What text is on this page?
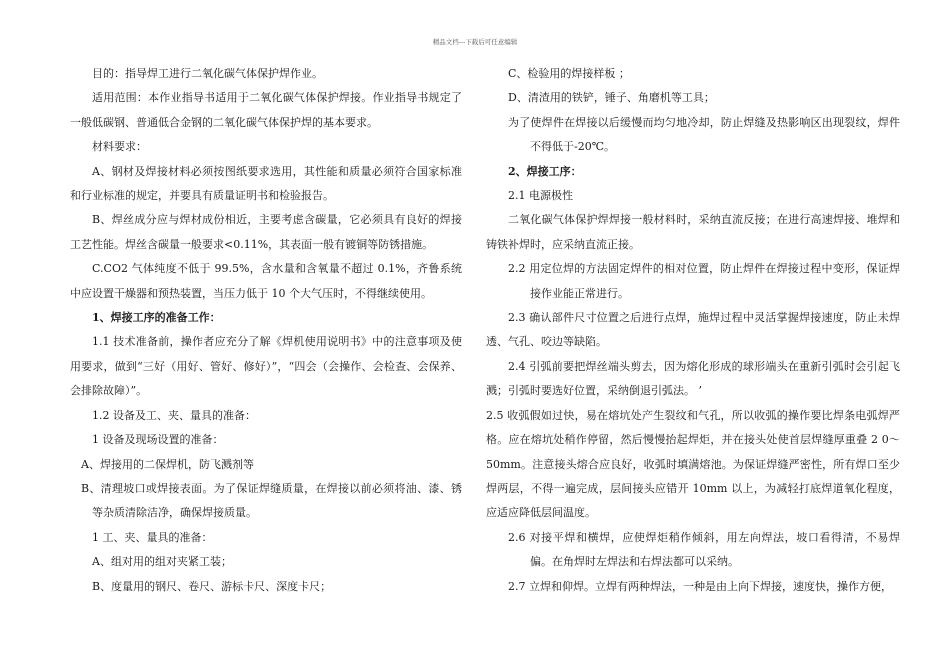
精品文档---下载后可任意编辑

目的：指导焊工进行二氧化碳气体保护焊作业。

适用范围：本作业指导书适用于二氧化碳气体保护焊接。作业指导书规定了一般低碳钢、普通低合金钢的二氧化碳气体保护焊的基本要求。

材料要求：

A、钢材及焊接材料必须按图纸要求选用，其性能和质量必须符合国家标准和行业标准的规定，并要具有质量证明书和检验报告。

B、焊丝成分应与焊材成份相近，主要考虑含碳量，它必须具有良好的焊接工艺性能。焊丝含碳量一般要求<0.11%，其表面一般有镀铜等防锈措施。

C.CO2 气体纯度不低于 99.5%，含水量和含氧量不超过 0.1%，齐鲁系统中应设置干燥器和预热装置，当压力低于 10 个大气压时，不得继续使用。

1、焊接工序的准备工作：

1.1 技术准备前，操作者应充分了解《焊机使用说明书》中的注意事项及使用要求，做到“三好（用好、管好、修好）”，“四会（会操作、会检查、会保养、会排除故障）”。

1.2 设备及工、夹、量具的准备：

1 设备及现场设置的准备：

A、焊接用的二保焊机，防飞溅剂等

B、清理坡口或焊接表面。为了保证焊缝质量，在焊接以前必须将油、漆、锈等杂质清除洁净，确保焊接质量。

1 工、夹、量具的准备：

A、组对用的组对夹紧工装；

B、度量用的钢尺、卷尺、游标卡尺、深度卡尺；

C、检验用的焊接样板 ；

D、清渣用的铁铲，锤子、角磨机等工具；

为了使焊件在焊接以后缓慢而均匀地冷却，防止焊缝及热影响区出现裂纹，焊件不得低于-20℃。

2、焊接工序：

2.1 电源极性

二氧化碳气体保护焊焊接一般材料时，采纳直流反接；在进行高速焊接、堆焊和铸铁补焊时，应采纳直流正接。

2.2 用定位焊的方法固定焊件的相对位置，防止焊件在焊接过程中变形，保证焊接作业能正常进行。

2.3 确认部件尺寸位置之后进行点焊，施焊过程中灵活掌握焊接速度，防止未焊透、气孔、咬边等缺陷。

2.4 引弧前要把焊丝端头剪去，因为熔化形成的球形端头在重新引弧时会引起飞溅；引弧时要选好位置，采纳倒退引弧法。 ’

2.5 收弧假如过快，易在熔坑处产生裂纹和气孔，所以收弧的操作要比焊条电弧焊严格。应在熔坑处稍作停留，然后慢慢抬起焊炬，并在接头处使首层焊缝厚重叠 2 0～50mm。注意接头熔合应良好，收弧时填满熔池。为保证焊缝严密性，所有焊口至少焊两层，不得一遍完成，层间接头应错开 10mm 以上，为减轻打底焊道氧化程度，应适应降低层间温度。

2.6 对接平焊和横焊，应使焊炬稍作倾斜，用左向焊法，坡口看得清，不易焊偏。在角焊时左焊法和右焊法都可以采纳。

2.7 立焊和仰焊。立焊有两种焊法，一种是由上向下焊接，速度快，操作方便，
